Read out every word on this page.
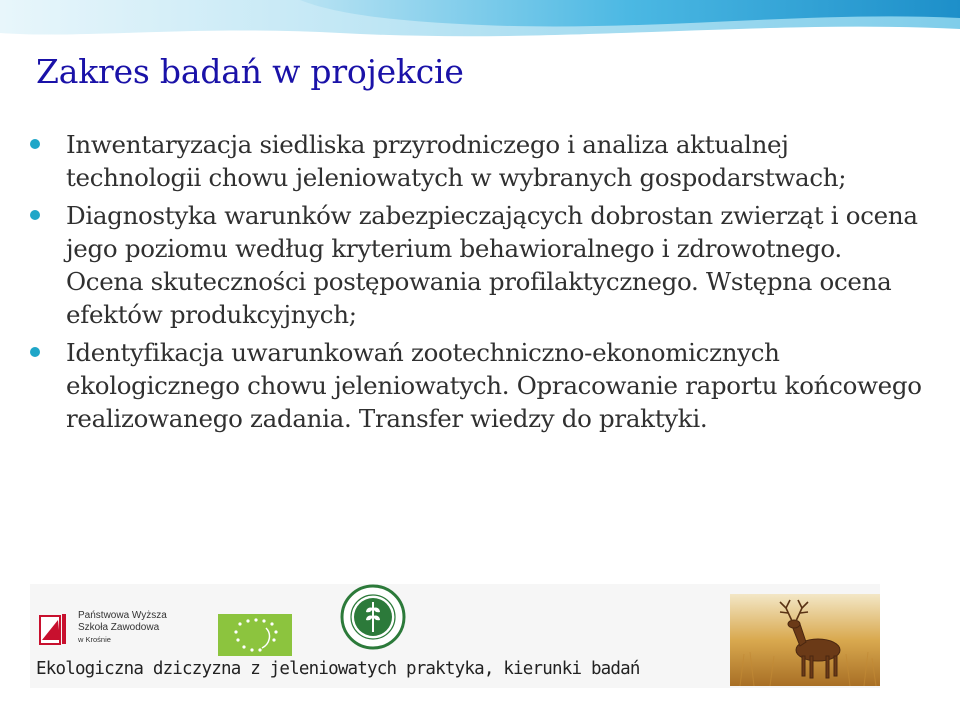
Zakres badań w projekcie
Inwentaryzacja siedliska przyrodniczego i analiza aktualnej technologii chowu jeleniowatych w wybranych gospodarstwach;
Diagnostyka warunków zabezpieczających dobrostan zwierząt i ocena jego poziomu według kryterium behawioralnego i zdrowotnego. Ocena skuteczności postępowania profilaktycznego. Wstępna ocena efektów produkcyjnych;
Identyfikacja uwarunkowań zootechniczno-ekonomicznych ekologicznego chowu jeleniowatych. Opracowanie raportu końcowego realizowanego zadania. Transfer wiedzy do praktyki.
Państwowa Wyższa
Szkoła Zawodowa
w Krośnie
Ekologiczna dziczyzna z jeleniowatych praktyka, kierunki badań
